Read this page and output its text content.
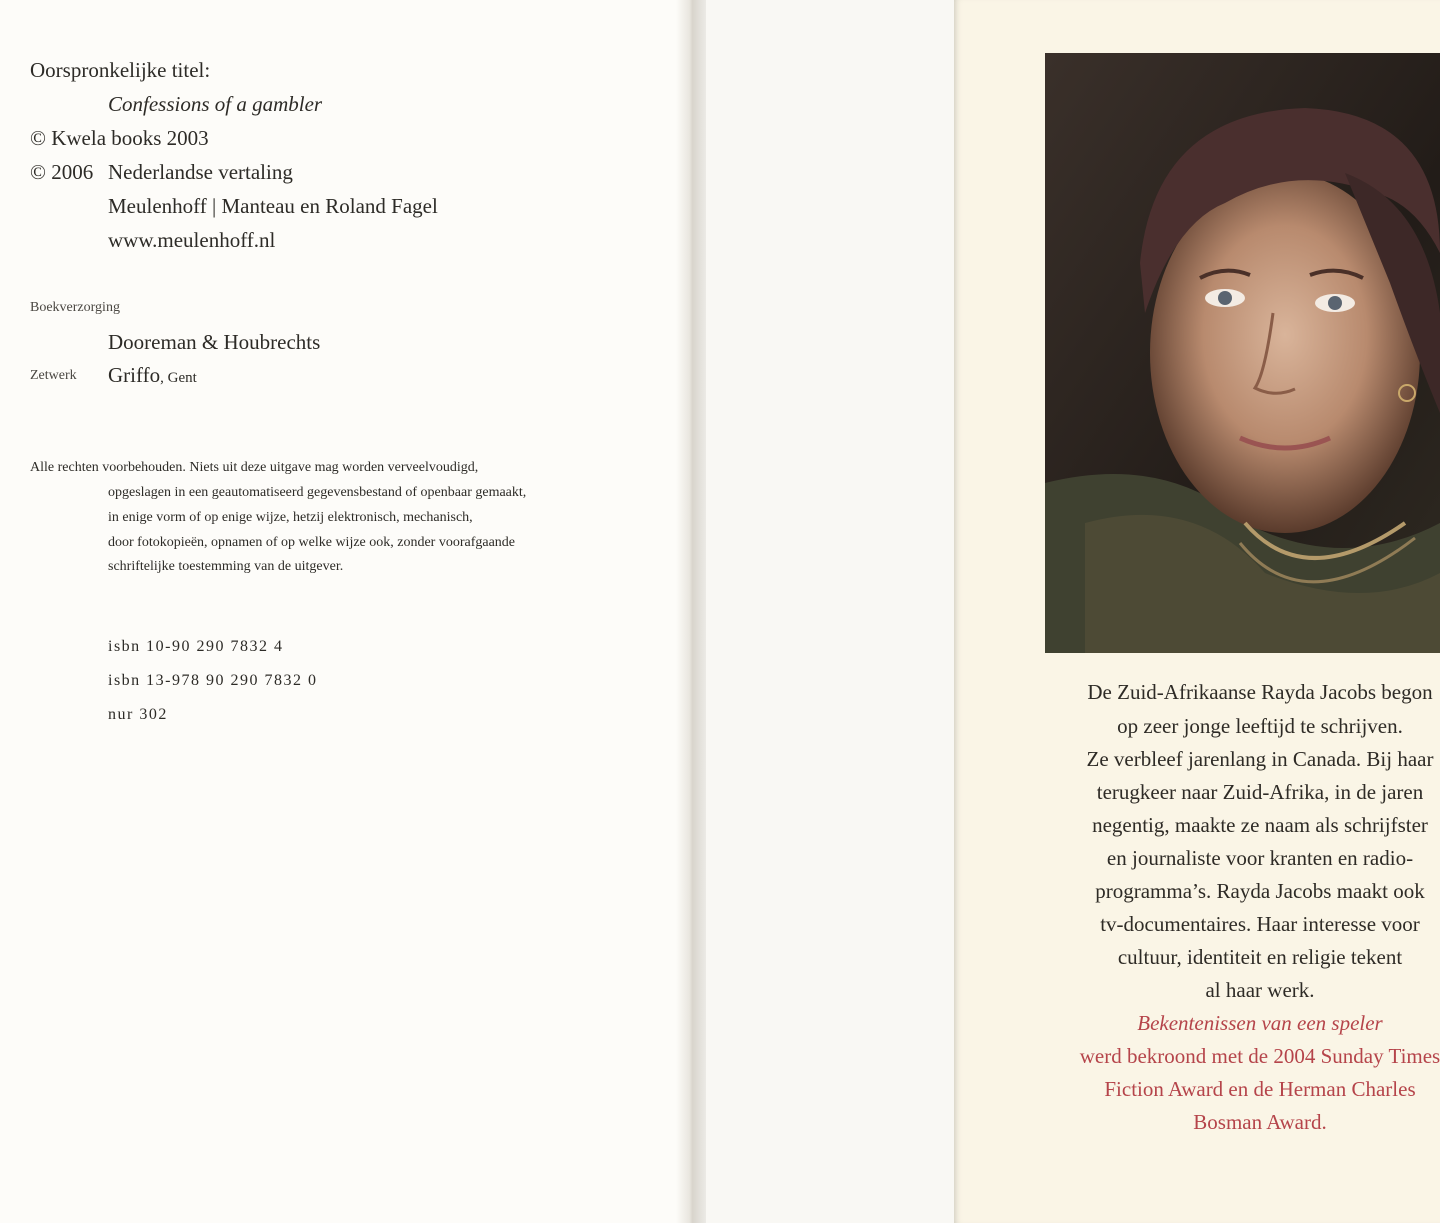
Oorspronkelijke titel:
Confessions of a gambler
© Kwela books 2003
© 2006 Nederlandse vertaling
Meulenhoff | Manteau en Roland Fagel
www.meulenhoff.nl
Boekverzorging
Dooreman & Houbrechts
Zetwerk Griffo, Gent
Alle rechten voorbehouden. Niets uit deze uitgave mag worden verveelvoudigd,
opgeslagen in een geautomatiseerd gegevensbestand of openbaar gemaakt,
in enige vorm of op enige wijze, hetzij elektronisch, mechanisch,
door fotokopieën, opnamen of op welke wijze ook, zonder voorafgaande
schriftelijke toestemming van de uitgever.
isbn 10-90 290 7832 4
isbn 13-978 90 290 7832 0
nur 302
De Zuid-Afrikaanse Rayda Jacobs begon
op zeer jonge leeftijd te schrijven.
Ze verbleef jarenlang in Canada. Bij haar
terugkeer naar Zuid-Afrika, in de jaren
negentig, maakte ze naam als schrijfster
en journaliste voor kranten en radio-
programma’s. Rayda Jacobs maakt ook
tv-documentaires. Haar interesse voor
cultuur, identiteit en religie tekent
al haar werk.
Bekentenissen van een speler
werd bekroond met de 2004 Sunday Times
Fiction Award en de Herman Charles
Bosman Award.
